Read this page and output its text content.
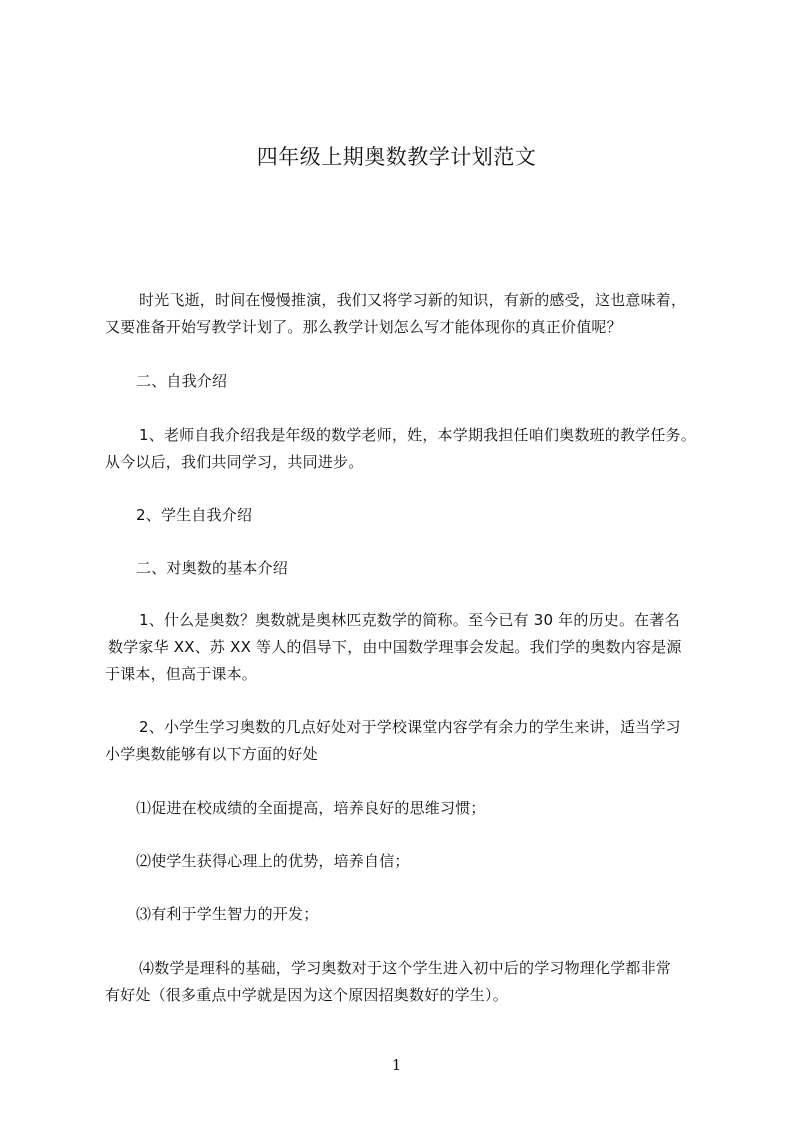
四年级上期奥数教学计划范文
时光飞逝，时间在慢慢推演，我们又将学习新的知识，有新的感受，这也意味着，
又要准备开始写教学计划了。那么教学计划怎么写才能体现你的真正价值呢？
二、自我介绍
1、老师自我介绍我是年级的数学老师，姓，本学期我担任咱们奥数班的教学任务。
从今以后，我们共同学习，共同进步。
2、学生自我介绍
二、对奥数的基本介绍
1、什么是奥数？奥数就是奥林匹克数学的简称。至今已有 30 年的历史。在著名
数学家华 XX、苏 XX 等人的倡导下，由中国数学理事会发起。我们学的奥数内容是源
于课本，但高于课本。
2、小学生学习奥数的几点好处对于学校课堂内容学有余力的学生来讲，适当学习
小学奥数能够有以下方面的好处
⑴促进在校成绩的全面提高，培养良好的思维习惯；
⑵使学生获得心理上的优势，培养自信；
⑶有利于学生智力的开发；
⑷数学是理科的基础，学习奥数对于这个学生进入初中后的学习物理化学都非常
有好处（很多重点中学就是因为这个原因招奥数好的学生）。
1
